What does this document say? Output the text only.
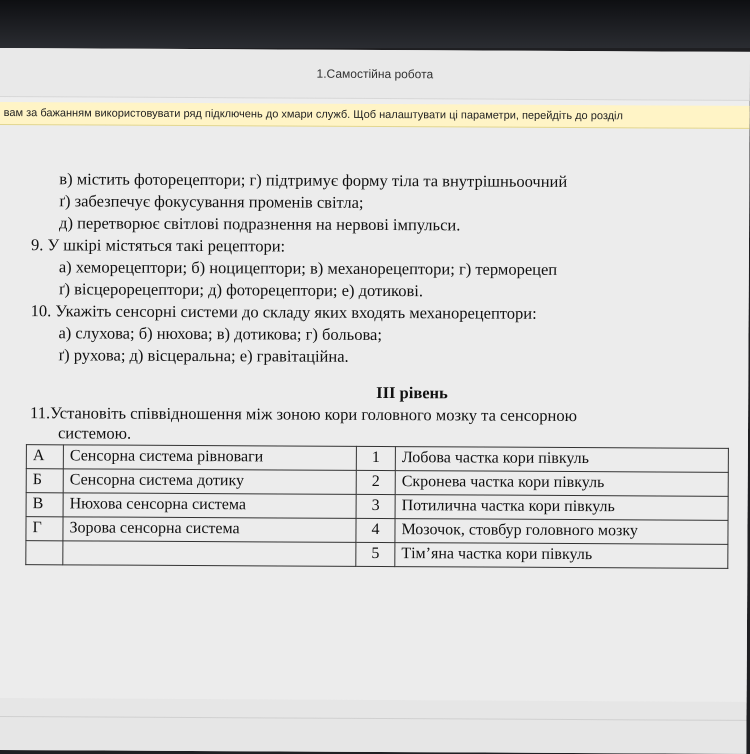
1.Самостійна робота
в) містить фоторецептори; г) підтримує форму тіла та внутрішньоочний
ґ) забезпечує фокусування променів світла;
д) перетворює світлові подразнення на нервові імпульси.
9. У шкірі містяться такі рецептори:
а) хеморецептори; б) ноцицептори; в) механорецептори; г) терморецеп
ґ) вісцерорецептори; д) фоторецептори; е) дотикові.
10. Укажіть сенсорні системи до складу яких входять механорецептори:
а) слухова; б) нюхова; в) дотикова; г) больова;
ґ) рухова; д) вісцеральна; е) гравітаційна.
ІІІ рівень
11.Установіть співвідношення між зоною кори головного мозку та сенсорною
системою.
А	Сенсорна система рівноваги	1	Лобова частка кори півкуль
Б	Сенсорна система дотику	2	Скронева частка кори півкуль
В	Нюхова сенсорна система	3	Потилична частка кори півкуль
Г	Зорова сенсорна система	4	Мозочок, стовбур головного мозку
		5	Тім’яна частка кори півкуль
вам за бажанням використовувати ряд підключень до хмари служб. Щоб налаштувати ці параметри, перейдіть до розділ
